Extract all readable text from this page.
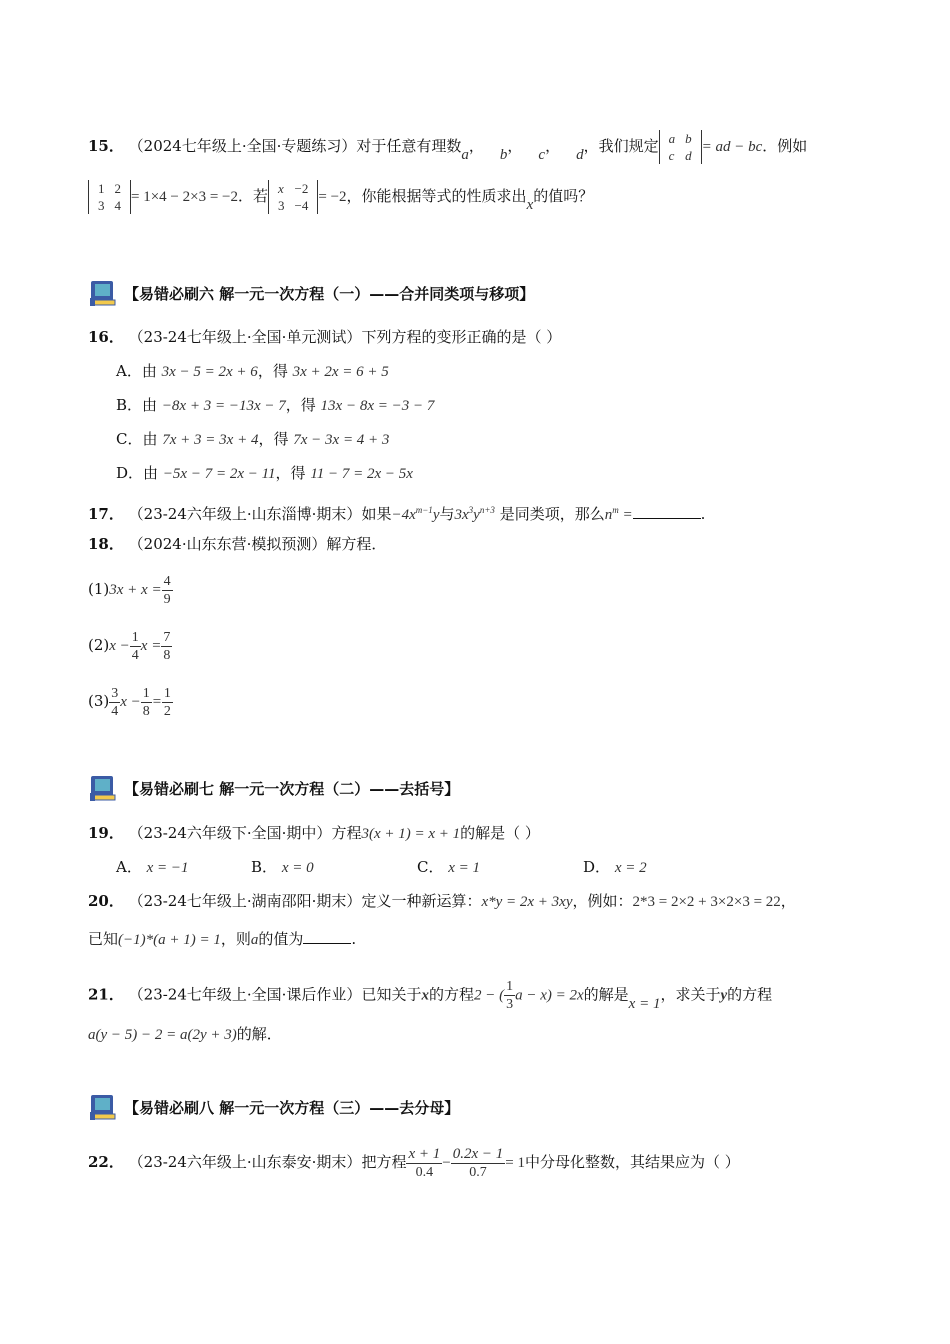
15． （2024七年级上·全国·专题练习）对于任意有理数a， b， c， d，我们规定 a	b
c	d
= ad − bc．例如
1	2
3	4
= 1×4 − 2×3 = −2．若 x	−2
3	−4
= −2，你能根据等式的性质求出x的值吗？
【易错必刷六 解一元一次方程（一）——合并同类项与移项】
16． （23-24七年级上·全国·单元测试）下列方程的变形正确的是（ ）
A．由 3x − 5 = 2x + 6，得 3x + 2x = 6 + 5
B．由 −8x + 3 = −13x − 7，得 13x − 8x = −3 − 7
C．由 7x + 3 = 3x + 4，得 7x − 3x = 4 + 3
D．由 −5x − 7 = 2x − 11，得 11 − 7 = 2x − 5x
17． （23-24六年级上·山东淄博·期末）如果$-4x^{m-1}y$与$3x^3y^{n+3}$ 是同类项，那么$n^m$ =	.
18． （2024·山东东营·模拟预测）解方程．
$(1)3x + x = \frac{4}{9}$
$(2)x - \frac{1}{4}$ $x = \frac{7}{8}$
$(3) \frac{3}{4}$ $x - \frac{1}{8} = \frac{1}{2}$
【易错必刷七 解一元一次方程（二）——去括号】
19． （23-24六年级下·全国·期中）方程3(x + 1) = x + 1的解是（ ）
A． x = −1	B． x = 0	C． x = 1	D． x = 2
20． （23-24七年级上·湖南邵阳·期末）定义一种新运算：x*y = 2x + 3xy，例如：2*3 = 2×2 + 3×2×3 = 22，
已知(−1)*(a + 1) = 1，则a的值为	.
21． （23-24七年级上·全国·课后作业）已知关于x的方程2 − ( $\frac{1}{3}$ a − x) = 2x的解是x = 1，求关于y的方程
a(y − 5) − 2 = a(2y + 3)的解．
【易错必刷八 解一元一次方程（三）——去分母】
22． （23-24六年级上·山东泰安·期末）把方程 $\frac{x + 1}{0.4} - \frac{0.2x - 1}{0.7} = 1$中分母化整数，其结果应为（ ）
